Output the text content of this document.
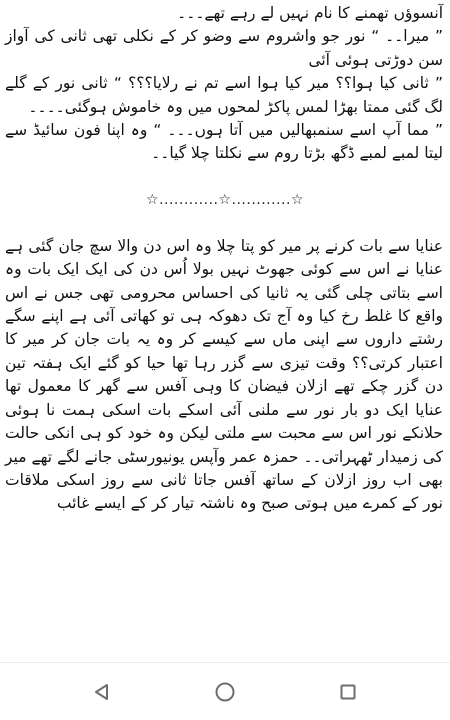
آنسوؤں تھمنے کا نام نہیں لے رہے تھے۔۔۔

” میرا۔۔ “ نور جو واشروم سے وضو کر کے نکلی تھی ثانی کی آواز سن دوڑتی ہوئی آئی

” ثانی کیا ہوا؟؟ میر کیا ہوا اسے تم نے رلایا؟؟؟ “ ثانی نور کے گلے لگ گئی ممتا بھڑا لمس پاکڑ لمحوں میں وہ خاموش ہوگئی۔۔۔۔

” مما آپ اسے سنمبھالیں میں آتا ہوں۔۔۔ “ وہ اپنا فون سائیڈ سے لیتا لمبے لمبے ڈگھ بڑتا روم سے نکلتا چلا گیا۔۔

☆............☆............☆

عنایا سے بات کرنے پر میر کو پتا چلا وہ اس دن والا سچ جان گئی ہے عنایا نے اس سے کوئی جھوٹ نہیں بولا اُس دن کی ایک ایک بات وہ اسے بتاتی چلی گئی یہ ثانیا کی احساس محرومی تھی جس نے اس واقع کا غلط رخ کیا وہ آج تک دھوکہ ہی تو کھاتی آئی ہے اپنے سگے رشتے داروں سے اپنی ماں سے کیسے کر وہ یہ بات جان کر میر کا اعتبار کرتی؟؟ وقت تیزی سے گزر رہا تھا حیا کو گئے ایک ہفتہ تین دن گزر چکے تھے ازلان فیضان کا وہی آفس سے گھر کا معمول تھا عنایا ایک دو بار نور سے ملنی آئی اسکے بات اسکی ہمت نا ہوئی حلانکے نور اس سے محبت سے ملتی لیکن وہ خود کو ہی انکی حالت کی زمیدار ٹھہراتی۔۔ حمزہ عمر وآپس یونیورسٹی جانے لگے تھے میر بھی اب روز ازلان کے ساتھ آفس جاتا ثانی سے روز اسکی ملاقات نور کے کمرے میں ہوتی صبح وہ ناشتہ تیار کر کے ایسے غائب
